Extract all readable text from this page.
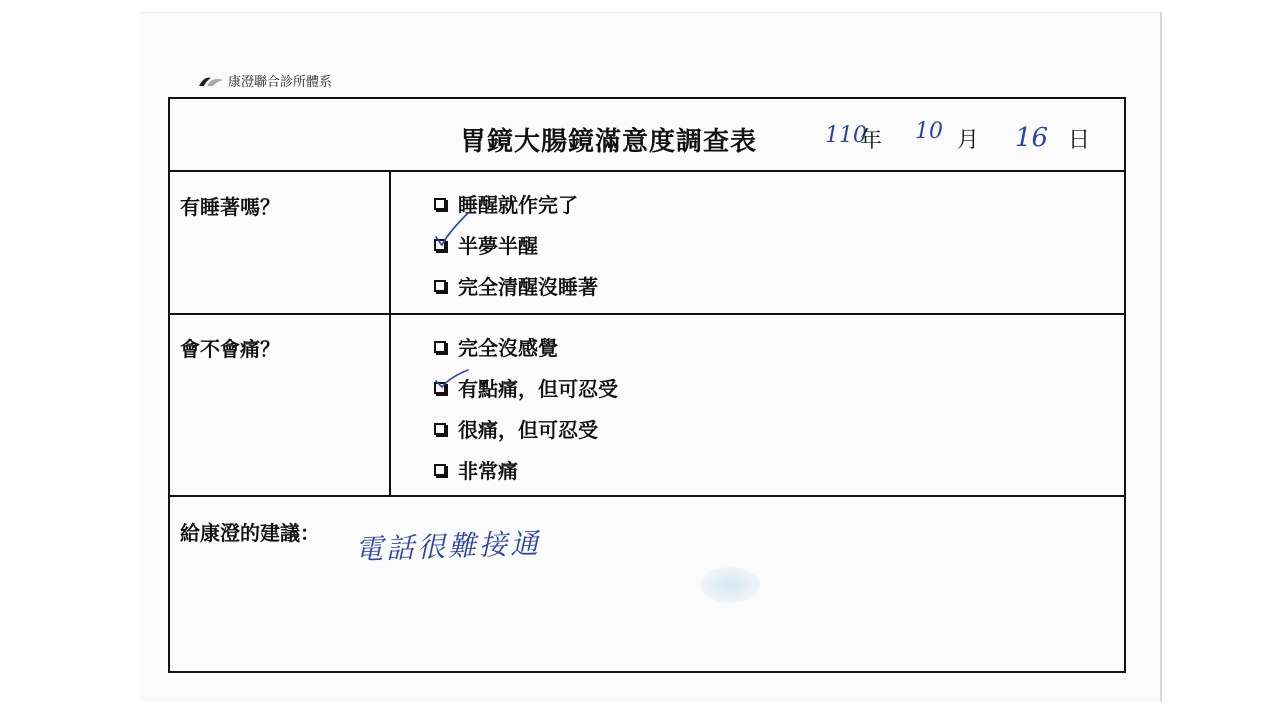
康澄聯合診所體系
胃鏡大腸鏡滿意度調查表	110
年 10 月 16 日
有睡著嗎？	睡醒就作完了
半夢半醒
完全清醒沒睡著
會不會痛？	完全沒感覺
有點痛，但可忍受
很痛，但可忍受
非常痛
給康澄的建議： 電話很難接通
